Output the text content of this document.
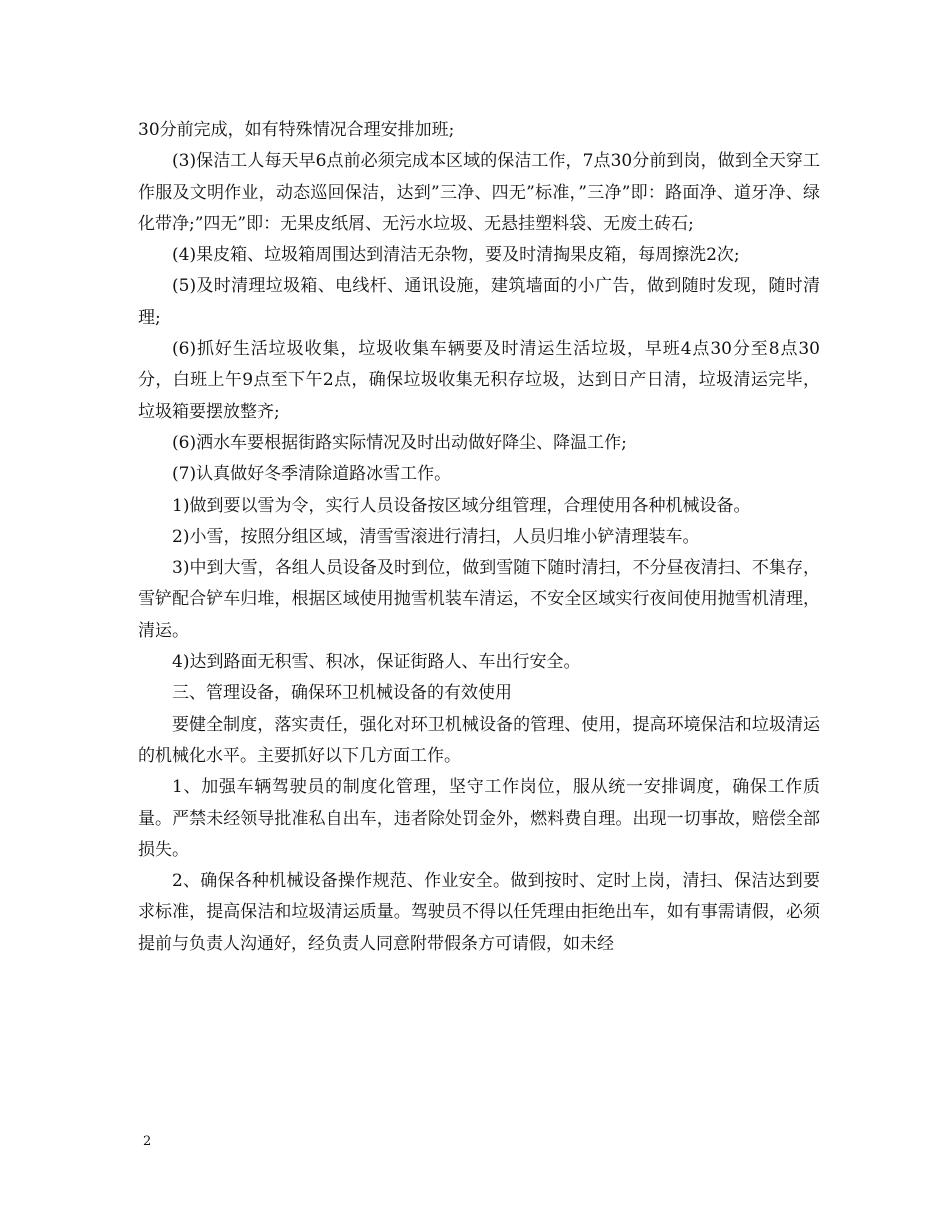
30分前完成，如有特殊情况合理安排加班;

(3)保洁工人每天早6点前必须完成本区域的保洁工作，7点30分前到岗，做到全天穿工作服及文明作业，动态巡回保洁，达到”三净、四无”标准，”三净”即：路面净、道牙净、绿化带净;”四无”即：无果皮纸屑、无污水垃圾、无悬挂塑料袋、无废土砖石;

(4)果皮箱、垃圾箱周围达到清洁无杂物，要及时清掏果皮箱，每周擦洗2次;

(5)及时清理垃圾箱、电线杆、通讯设施，建筑墙面的小广告，做到随时发现，随时清理;

(6)抓好生活垃圾收集，垃圾收集车辆要及时清运生活垃圾，早班4点30分至8点30分，白班上午9点至下午2点，确保垃圾收集无积存垃圾，达到日产日清，垃圾清运完毕，垃圾箱要摆放整齐;

(6)洒水车要根据街路实际情况及时出动做好降尘、降温工作;

(7)认真做好冬季清除道路冰雪工作。

1)做到要以雪为令，实行人员设备按区域分组管理，合理使用各种机械设备。

2)小雪，按照分组区域，清雪雪滚进行清扫，人员归堆小铲清理装车。

3)中到大雪，各组人员设备及时到位，做到雪随下随时清扫，不分昼夜清扫、不集存，雪铲配合铲车归堆，根据区域使用抛雪机装车清运，不安全区域实行夜间使用抛雪机清理，清运。

4)达到路面无积雪、积冰，保证街路人、车出行安全。

三、管理设备，确保环卫机械设备的有效使用

要健全制度，落实责任，强化对环卫机械设备的管理、使用，提高环境保洁和垃圾清运的机械化水平。主要抓好以下几方面工作。

1、加强车辆驾驶员的制度化管理，坚守工作岗位，服从统一安排调度，确保工作质量。严禁未经领导批准私自出车，违者除处罚金外，燃料费自理。出现一切事故，赔偿全部损失。

2、确保各种机械设备操作规范、作业安全。做到按时、定时上岗，清扫、保洁达到要求标准，提高保洁和垃圾清运质量。驾驶员不得以任凭理由拒绝出车，如有事需请假，必须提前与负责人沟通好，经负责人同意附带假条方可请假，如未经

2
